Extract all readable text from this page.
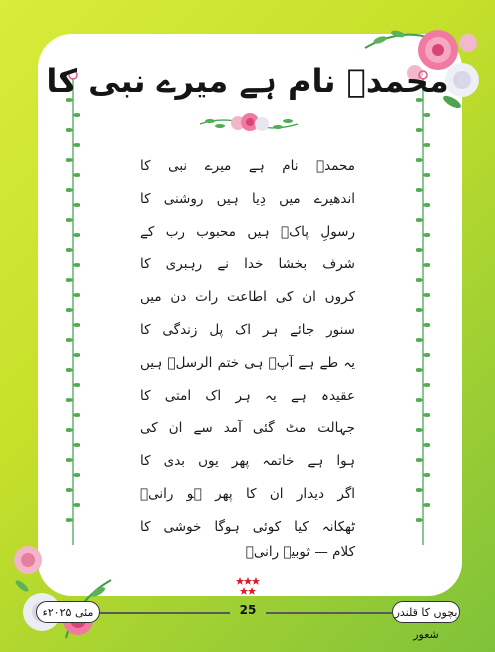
محمدؐ نام ہے میرے نبی کا
محمدؐ نام ہے میرے نبی کا
اندھیرے میں دِیا ہیں روشنی کا
رسولِ پاکؐ ہیں محبوب رب کے
شرف بخشا خدا نے رہبری کا
کروں ان کی اطاعت رات دن میں
سنور جائے ہر اک پل زندگی کا
یہ طے ہے آپؐ ہی ختم الرسلؐ ہیں
عقیدہ ہے یہ ہر اک امتی کا
جہالت مٹ گئی آمد سے ان کی
ہوا ہے خاتمہ پھر یوں بدی کا
اگر دیدار ان کا پھر ہو رانیؔ
ٹھکانہ کیا کوئی ہوگا خوشی کا
کلام — ثوبیہ رانیؔ
مئی ۲۰۲۵ء	25	بچوں کا قلندر شعور
